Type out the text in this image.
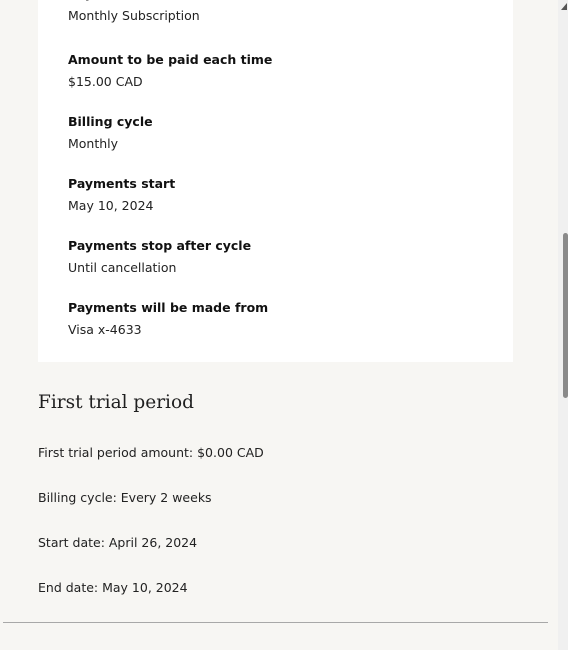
Monthly Subscription
Amount to be paid each time
$15.00 CAD
Billing cycle
Monthly
Payments start
May 10, 2024
Payments stop after cycle
Until cancellation
Payments will be made from
Visa x-4633
First trial period
First trial period amount: $0.00 CAD
Billing cycle: Every 2 weeks
Start date: April 26, 2024
End date: May 10, 2024
